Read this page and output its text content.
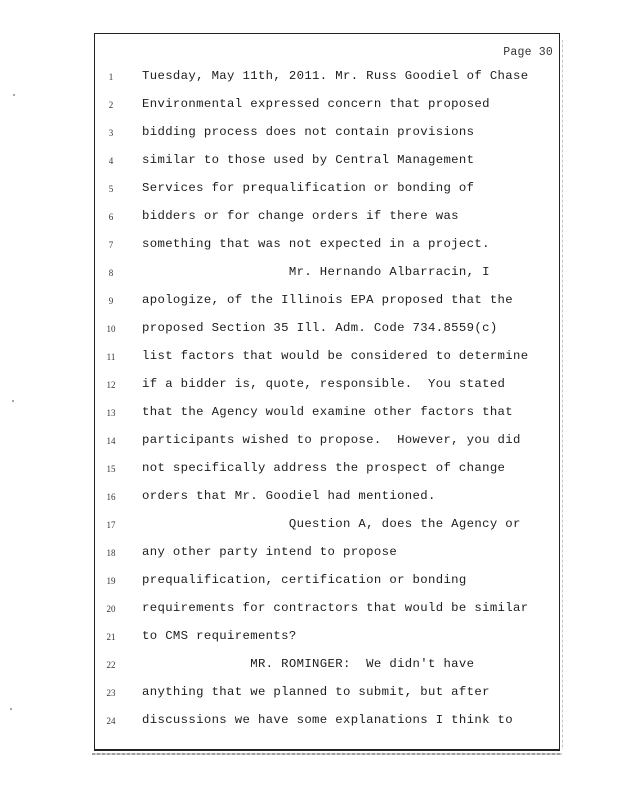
Page 30
1	Tuesday, May 11th, 2011. Mr. Russ Goodiel of Chase
2	Environmental expressed concern that proposed
3	bidding process does not contain provisions
4	similar to those used by Central Management
5	Services for prequalification or bonding of
6	bidders or for change orders if there was
7	something that was not expected in a project.
8	Mr. Hernando Albarracin, I
9	apologize, of the Illinois EPA proposed that the
10	proposed Section 35 Ill. Adm. Code 734.8559(c)
11	list factors that would be considered to determine
12	if a bidder is, quote, responsible.  You stated
13	that the Agency would examine other factors that
14	participants wished to propose.  However, you did
15	not specifically address the prospect of change
16	orders that Mr. Goodiel had mentioned.
17	Question A, does the Agency or
18	any other party intend to propose
19	prequalification, certification or bonding
20	requirements for contractors that would be similar
21	to CMS requirements?
22	MR. ROMINGER:  We didn't have
23	anything that we planned to submit, but after
24	discussions we have some explanations I think to
